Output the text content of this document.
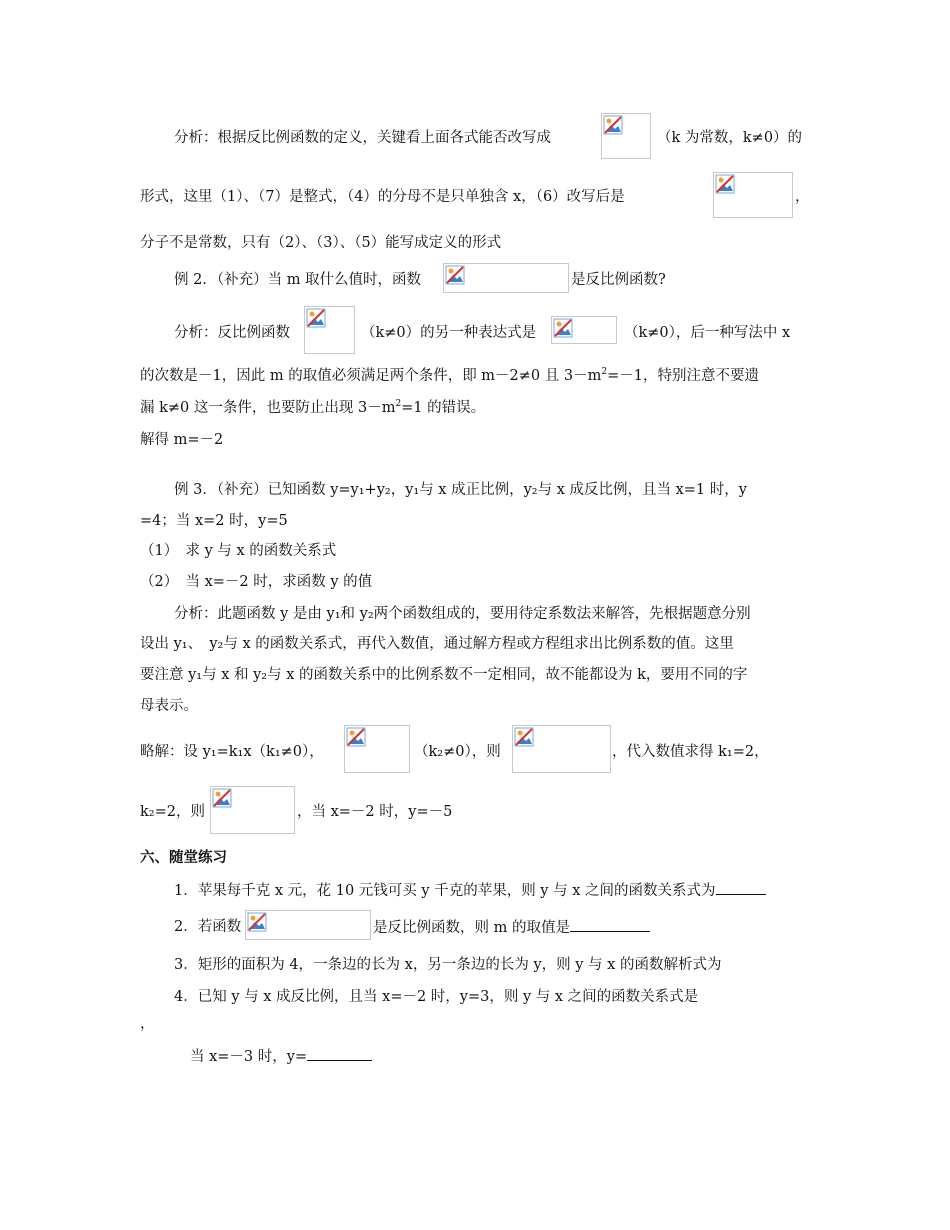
分析：根据反比例函数的定义，关键看上面各式能否改写成	（k 为常数，k≠0）的
形式，这里（1）、（7）是整式，（4）的分母不是只单独含 x，（6）改写后是	，
分子不是常数，只有（2）、（3）、（5）能写成定义的形式
例 2．（补充）当 m 取什么值时，函数	是反比例函数?
分析：反比例函数	（k≠0）的另一种表达式是	（k≠0），后一种写法中 x
的次数是－1，因此 m 的取值必须满足两个条件，即 m－2≠0 且 $3-m^2=-1$，特别注意不要遗
漏 k≠0 这一条件，也要防止出现 $3-m^2=1$ 的错误。
解得 m=－2
例 3．（补充）已知函数 y=y₁+y₂，y₁与 x 成正比例，y₂与 x 成反比例，且当 x=1 时，y
=4；当 x=2 时，y=5
（1）　求 y 与 x 的函数关系式
（2）　当 x=－2 时，求函数 y 的值
分析：此题函数 y 是由 y₁和 y₂两个函数组成的，要用待定系数法来解答，先根据题意分别
设出 y₁、　y₂与 x 的函数关系式，再代入数值，通过解方程或方程组求出比例系数的值。这里
要注意 y₁与 x 和 y₂与 x 的函数关系中的比例系数不一定相同，故不能都设为 k，要用不同的字
母表示。
略解：设 y₁=k₁x（k₁≠0），	（k₂≠0），则	，代入数值求得 k₁=2，
k₂=2，则	，当 x=－2 时，y=－5
六、随堂练习
1．苹果每千克 x 元，花 10 元钱可买 y 千克的苹果，则 y 与 x 之间的函数关系式为
2．若函数	是反比例函数，则 m 的取值是
3．矩形的面积为 4，一条边的长为 x，另一条边的长为 y，则 y 与 x 的函数解析式为
4．已知 y 与 x 成反比例，且当 x=－2 时，y=3，则 y 与 x 之间的函数关系式是
，
当 x=－3 时，y=
